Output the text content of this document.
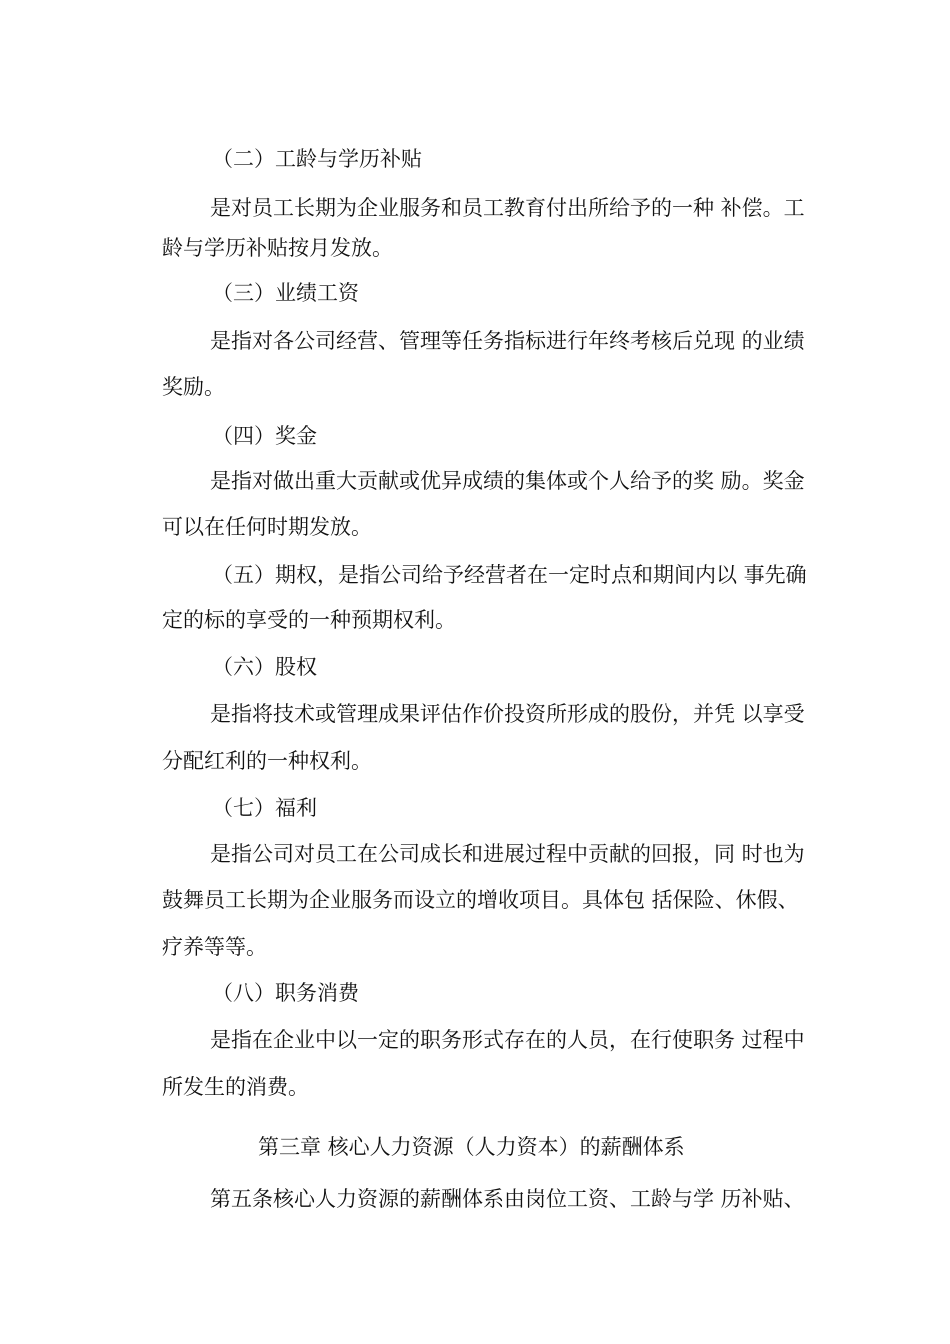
（二）工龄与学历补贴

是对员工长期为企业服务和员工教育付出所给予的一种 补偿。工

龄与学历补贴按月发放。

（三）业绩工资

是指对各公司经营、管理等任务指标进行年终考核后兑现 的业绩

奖励。

（四）奖金

是指对做出重大贡献或优异成绩的集体或个人给予的奖 励。奖金

可以在任何时期发放。

（五）期权，是指公司给予经营者在一定时点和期间内以 事先确

定的标的享受的一种预期权利。

（六）股权

是指将技术或管理成果评估作价投资所形成的股份，并凭 以享受

分配红利的一种权利。

（七）福利

是指公司对员工在公司成长和进展过程中贡献的回报，同 时也为

鼓舞员工长期为企业服务而设立的增收项目。具体包 括保险、休假、

疗养等等。

（八）职务消费

是指在企业中以一定的职务形式存在的人员，在行使职务 过程中

所发生的消费。

第三章 核心人力资源（人力资本）的薪酬体系

第五条核心人力资源的薪酬体系由岗位工资、工龄与学 历补贴、
